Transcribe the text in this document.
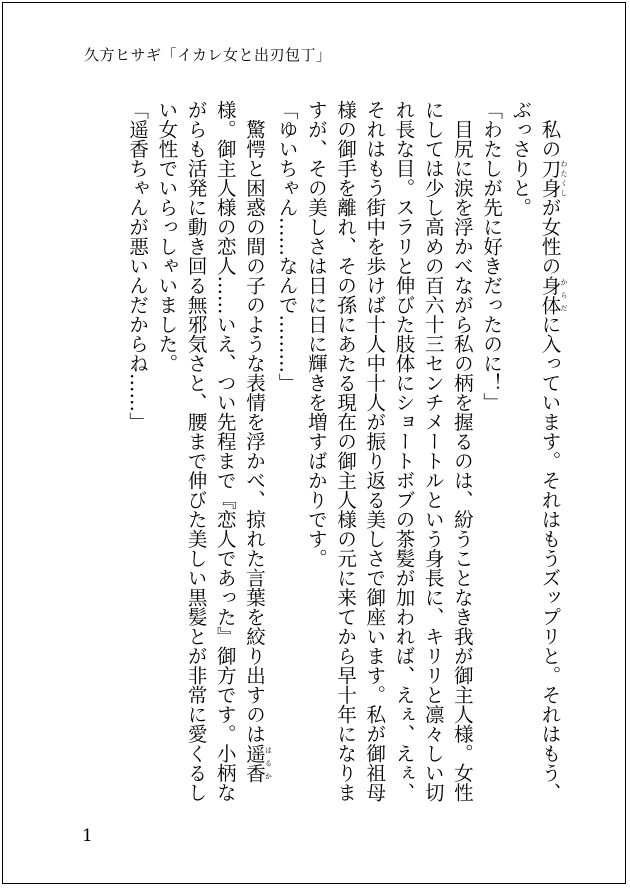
久方ヒサギ「イカレ女と出刃包丁」

　私の刀身わたくしが女性の身体からだに入っています。それはもうズップリと。それはもう、ぶっさりと。

「わたしが先に好きだったのに！」

　目尻に涙を浮かべながら私の柄を握るのは、紛うことなき我が御主人様。女性にしては少し高めの百六十三センチメートルという身長に、キリリと凛々しい切れ長な目。スラリと伸びた肢体にショートボブの茶髪が加われば、えぇ、えぇ、それはもう街中を歩けば十人中十人が振り返る美しさで御座います。私が御祖母様の御手を離れ、その孫にあたる現在の御主人様の元に来てから早十年になりますが、その美しさは日に日に輝きを増すばかりです。

「ゆいちゃん……なんで………」

　驚愕と困惑の間の子のような表情を浮かべ、掠れた言葉を絞り出すのは遥香はるか様。御主人様の恋人……いえ、つい先程まで『恋人であった』御方です。小柄ながらも活発に動き回る無邪気さと、腰まで伸びた美しい黒髪とが非常に愛くるしい女性でいらっしゃいました。

「遥香ちゃんが悪いんだからね……」

1
